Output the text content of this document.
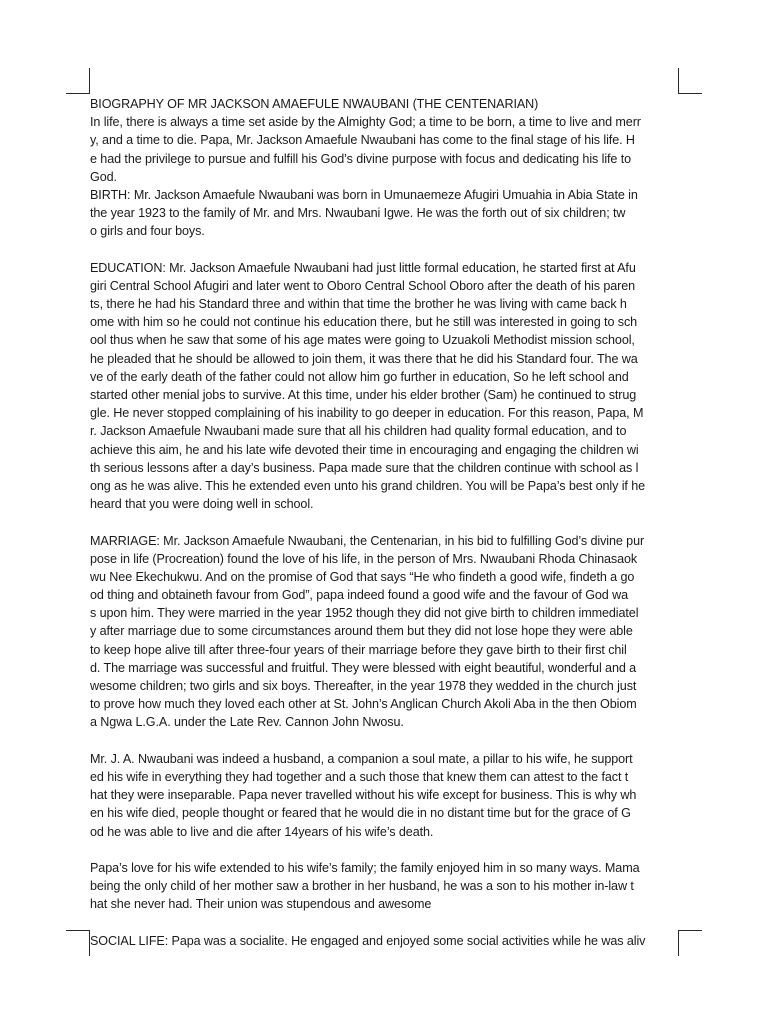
BIOGRAPHY OF MR JACKSON AMAEFULE NWAUBANI (THE CENTENARIAN)
In life, there is always a time set aside by the Almighty God; a time to be born, a time to live and merr
y, and a time to die. Papa, Mr. Jackson Amaefule Nwaubani has come to the final stage of his life. H
e had the privilege to pursue and fulfill his God’s divine purpose with focus and dedicating his life to
God.
BIRTH: Mr. Jackson Amaefule Nwaubani was born in Umunaemeze Afugiri Umuahia in Abia State in
the year 1923 to the family of Mr. and Mrs. Nwaubani Igwe. He was the forth out of six children; tw
o girls and four boys.
EDUCATION: Mr. Jackson Amaefule Nwaubani had just little formal education, he started first at Afu
giri Central School Afugiri and later went to Oboro Central School Oboro after the death of his paren
ts, there he had his Standard three and within that time the brother he was living with came back h
ome with him so he could not continue his education there, but he still was interested in going to sch
ool thus when he saw that some of his age mates were going to Uzuakoli Methodist mission school,
he pleaded that he should be allowed to join them, it was there that he did his Standard four. The wa
ve of the early death of the father could not allow him go further in education, So he left school and
started other menial jobs to survive. At this time, under his elder brother (Sam) he continued to strug
gle. He never stopped complaining of his inability to go deeper in education. For this reason, Papa, M
r. Jackson Amaefule Nwaubani made sure that all his children had quality formal education, and to
achieve this aim, he and his late wife devoted their time in encouraging and engaging the children wi
th serious lessons after a day’s business. Papa made sure that the children continue with school as l
ong as he was alive. This he extended even unto his grand children. You will be Papa’s best only if he
heard that you were doing well in school.
MARRIAGE: Mr. Jackson Amaefule Nwaubani, the Centenarian, in his bid to fulfilling God’s divine pur
pose in life (Procreation) found the love of his life, in the person of Mrs. Nwaubani Rhoda Chinasaok
wu Nee Ekechukwu. And on the promise of God that says “He who findeth a good wife, findeth a go
od thing and obtaineth favour from God”, papa indeed found a good wife and the favour of God wa
s upon him. They were married in the year 1952 though they did not give birth to children immediatel
y after marriage due to some circumstances around them but they did not lose hope they were able
to keep hope alive till after three-four years of their marriage before they gave birth to their first chil
d. The marriage was successful and fruitful. They were blessed with eight beautiful, wonderful and a
wesome children; two girls and six boys. Thereafter, in the year 1978 they wedded in the church just
to prove how much they loved each other at St. John’s Anglican Church Akoli Aba in the then Obiom
a Ngwa L.G.A. under the Late Rev. Cannon John Nwosu.
Mr. J. A. Nwaubani was indeed a husband, a companion a soul mate, a pillar to his wife, he support
ed his wife in everything they had together and a such those that knew them can attest to the fact t
hat they were inseparable. Papa never travelled without his wife except for business. This is why wh
en his wife died, people thought or feared that he would die in no distant time but for the grace of G
od he was able to live and die after 14years of his wife’s death.
Papa’s love for his wife extended to his wife’s family; the family enjoyed him in so many ways. Mama
being the only child of her mother saw a brother in her husband, he was a son to his mother in-law t
hat she never had. Their union was stupendous and awesome
SOCIAL LIFE: Papa was a socialite. He engaged and enjoyed some social activities while he was aliv
